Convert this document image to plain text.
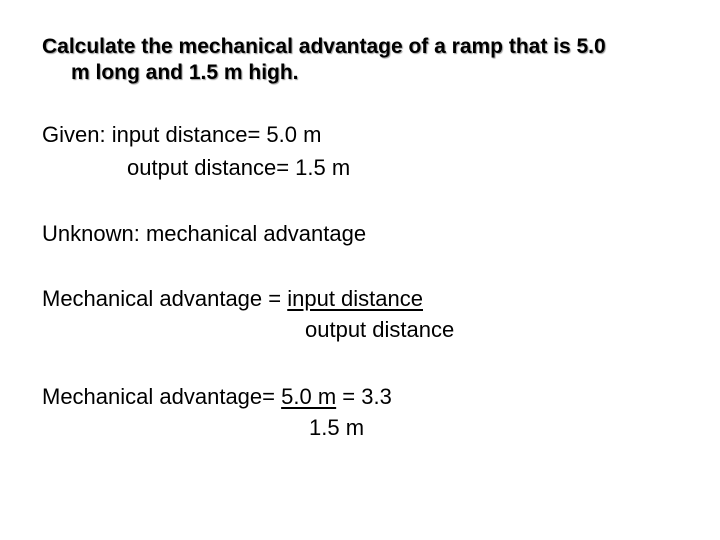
Calculate the mechanical advantage of a ramp that is 5.0
m long and 1.5 m high.
Given: input distance= 5.0 m
output distance= 1.5 m
Unknown: mechanical advantage
Mechanical advantage = input distance
output distance
Mechanical advantage= 5.0 m = 3.3
1.5 m
